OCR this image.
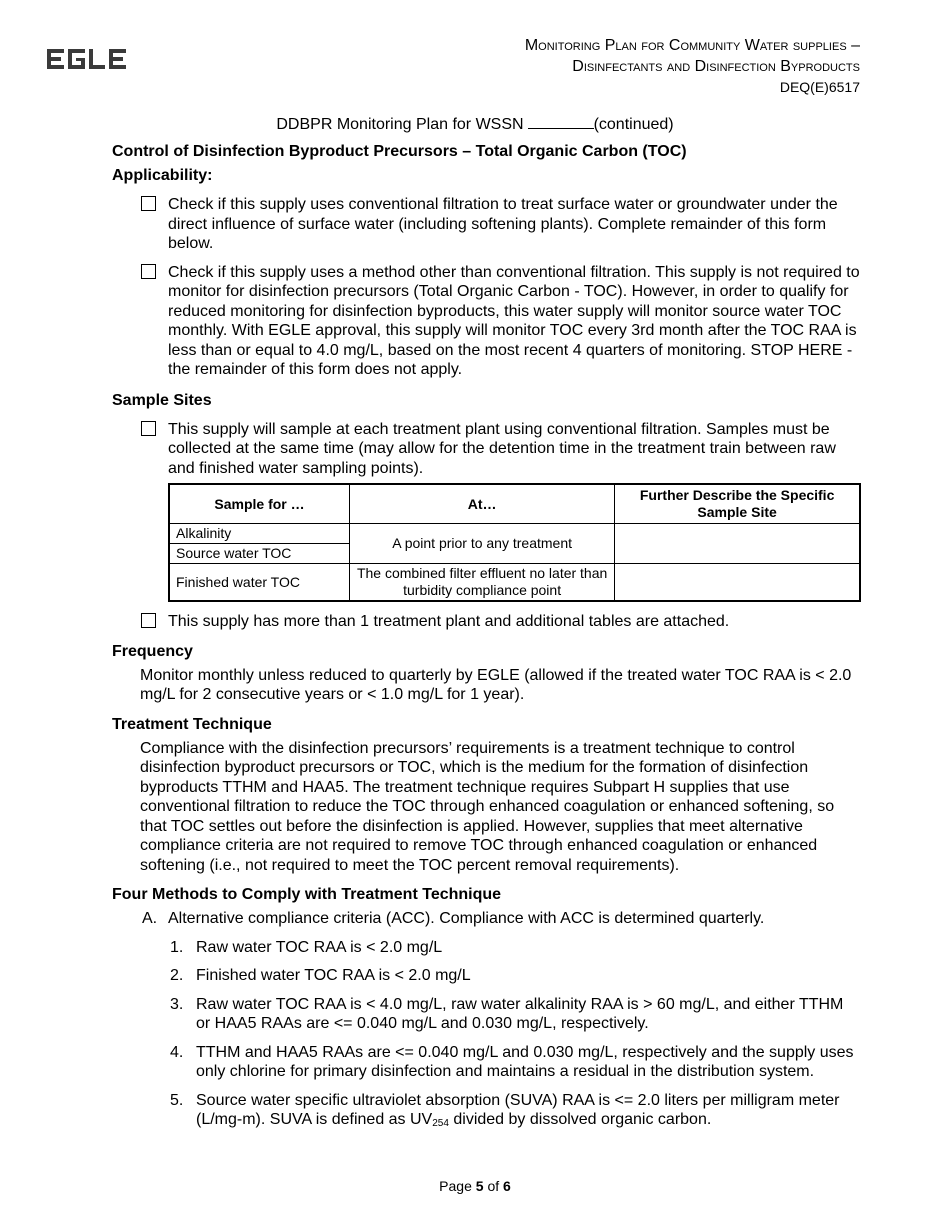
EGLE	Monitoring Plan for Community Water supplies –
Disinfectants and Disinfection Byproducts
DEQ(E)6517
DDBPR Monitoring Plan for WSSN	(continued)
Control of Disinfection Byproduct Precursors – Total Organic Carbon (TOC)
Applicability:
Check if this supply uses conventional filtration to treat surface water or groundwater under the direct influence of surface water (including softening plants). Complete remainder of this form below.
Check if this supply uses a method other than conventional filtration. This supply is not required to monitor for disinfection precursors (Total Organic Carbon - TOC). However, in order to qualify for reduced monitoring for disinfection byproducts, this water supply will monitor source water TOC monthly. With EGLE approval, this supply will monitor TOC every 3rd month after the TOC RAA is less than or equal to 4.0 mg/L, based on the most recent 4 quarters of monitoring. STOP HERE - the remainder of this form does not apply.
Sample Sites
This supply will sample at each treatment plant using conventional filtration. Samples must be collected at the same time (may allow for the detention time in the treatment train between raw and finished water sampling points).
Sample for …	At…	Further Describe the Specific Sample Site
Alkalinity	A point prior to any treatment	
Source water TOC		
Finished water TOC	The combined filter effluent no later than turbidity compliance point	
This supply has more than 1 treatment plant and additional tables are attached.
Frequency
Monitor monthly unless reduced to quarterly by EGLE (allowed if the treated water TOC RAA is < 2.0 mg/L for 2 consecutive years or < 1.0 mg/L for 1 year).
Treatment Technique
Compliance with the disinfection precursors’ requirements is a treatment technique to control disinfection byproduct precursors or TOC, which is the medium for the formation of disinfection byproducts TTHM and HAA5. The treatment technique requires Subpart H supplies that use conventional filtration to reduce the TOC through enhanced coagulation or enhanced softening, so that TOC settles out before the disinfection is applied. However, supplies that meet alternative compliance criteria are not required to remove TOC through enhanced coagulation or enhanced softening (i.e., not required to meet the TOC percent removal requirements).
Four Methods to Comply with Treatment Technique
A. Alternative compliance criteria (ACC). Compliance with ACC is determined quarterly.
1. Raw water TOC RAA is < 2.0 mg/L
2. Finished water TOC RAA is < 2.0 mg/L
3. Raw water TOC RAA is < 4.0 mg/L, raw water alkalinity RAA is > 60 mg/L, and either TTHM or HAA5 RAAs are <= 0.040 mg/L and 0.030 mg/L, respectively.
4. TTHM and HAA5 RAAs are <= 0.040 mg/L and 0.030 mg/L, respectively and the supply uses only chlorine for primary disinfection and maintains a residual in the distribution system.
5. Source water specific ultraviolet absorption (SUVA) RAA is <= 2.0 liters per milligram meter (L/mg-m). SUVA is defined as $UV_{254}$ divided by dissolved organic carbon.
Page 5 of 6
